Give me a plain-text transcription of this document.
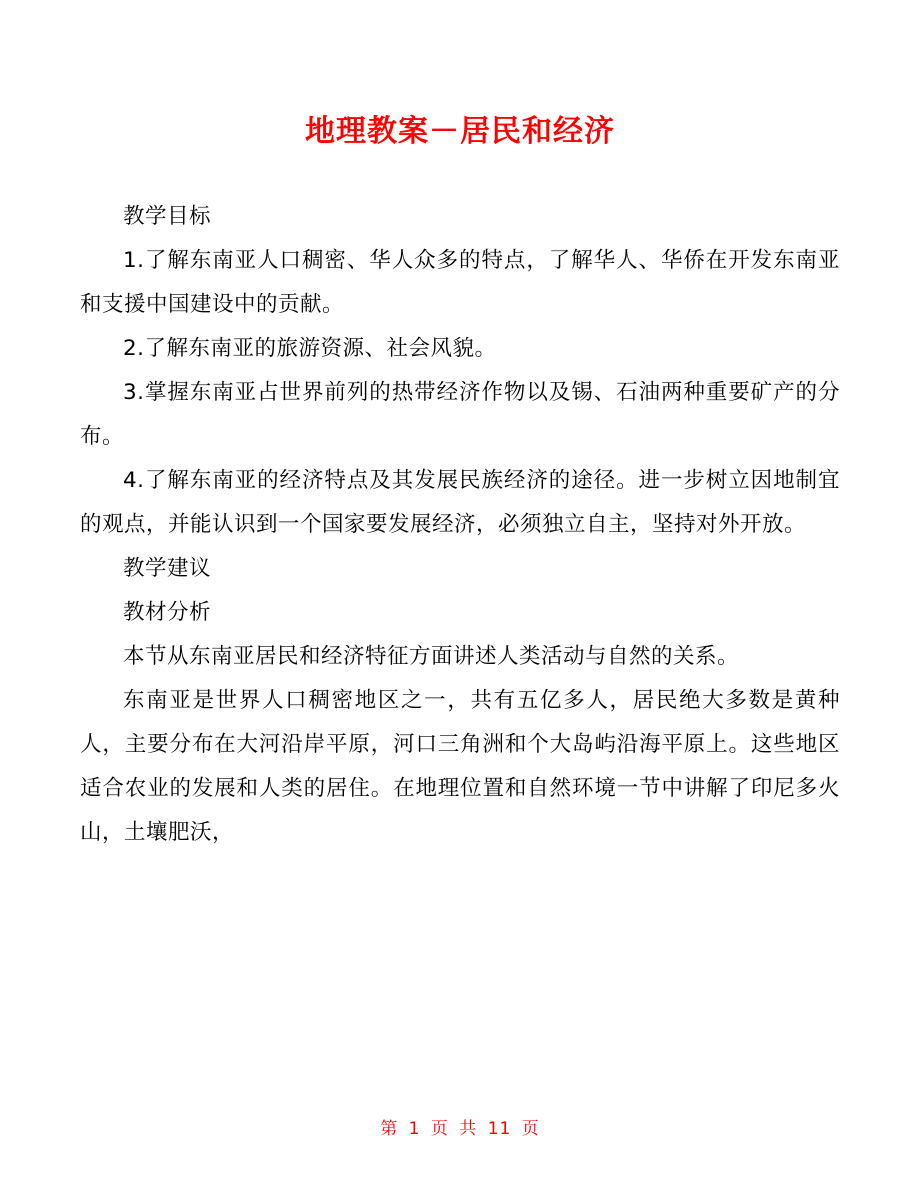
地理教案－居民和经济

教学目标

1.了解东南亚人口稠密、华人众多的特点，了解华人、华侨在开发东南亚和支援中国建设中的贡献。

2.了解东南亚的旅游资源、社会风貌。

3.掌握东南亚占世界前列的热带经济作物以及锡、石油两种重要矿产的分布。

4.了解东南亚的经济特点及其发展民族经济的途径。进一步树立因地制宜的观点，并能认识到一个国家要发展经济，必须独立自主，坚持对外开放。

教学建议

教材分析

本节从东南亚居民和经济特征方面讲述人类活动与自然的关系。

东南亚是世界人口稠密地区之一，共有五亿多人，居民绝大多数是黄种人，主要分布在大河沿岸平原，河口三角洲和个大岛屿沿海平原上。这些地区适合农业的发展和人类的居住。在地理位置和自然环境一节中讲解了印尼多火山，土壤肥沃，

第 1 页 共 11 页
